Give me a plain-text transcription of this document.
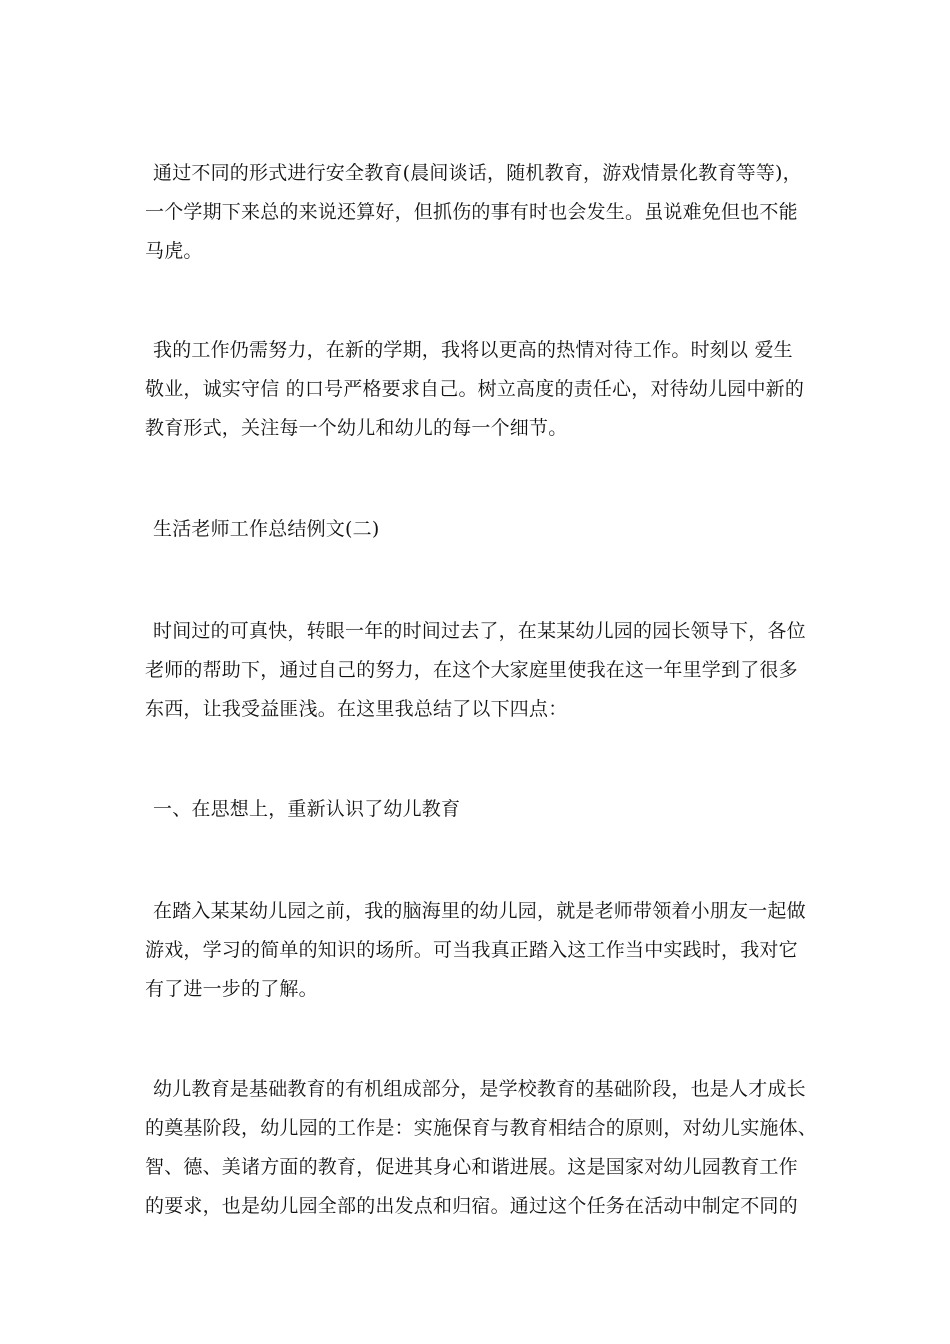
通过不同的形式进行安全教育(晨间谈话，随机教育，游戏情景化教育等等)，
一个学期下来总的来说还算好，但抓伤的事有时也会发生。虽说难免但也不能
马虎。

我的工作仍需努力，在新的学期，我将以更高的热情对待工作。时刻以 爱生
敬业，诚实守信 的口号严格要求自己。树立高度的责任心，对待幼儿园中新的
教育形式，关注每一个幼儿和幼儿的每一个细节。

生活老师工作总结例文(二)

时间过的可真快，转眼一年的时间过去了，在某某幼儿园的园长领导下，各位
老师的帮助下，通过自己的努力，在这个大家庭里使我在这一年里学到了很多
东西，让我受益匪浅。在这里我总结了以下四点：

一、在思想上，重新认识了幼儿教育

在踏入某某幼儿园之前，我的脑海里的幼儿园，就是老师带领着小朋友一起做
游戏，学习的简单的知识的场所。可当我真正踏入这工作当中实践时，我对它
有了进一步的了解。

幼儿教育是基础教育的有机组成部分，是学校教育的基础阶段，也是人才成长
的奠基阶段，幼儿园的工作是：实施保育与教育相结合的原则，对幼儿实施体、
智、德、美诸方面的教育，促进其身心和谐进展。这是国家对幼儿园教育工作
的要求，也是幼儿园全部的出发点和归宿。通过这个任务在活动中制定不同的
